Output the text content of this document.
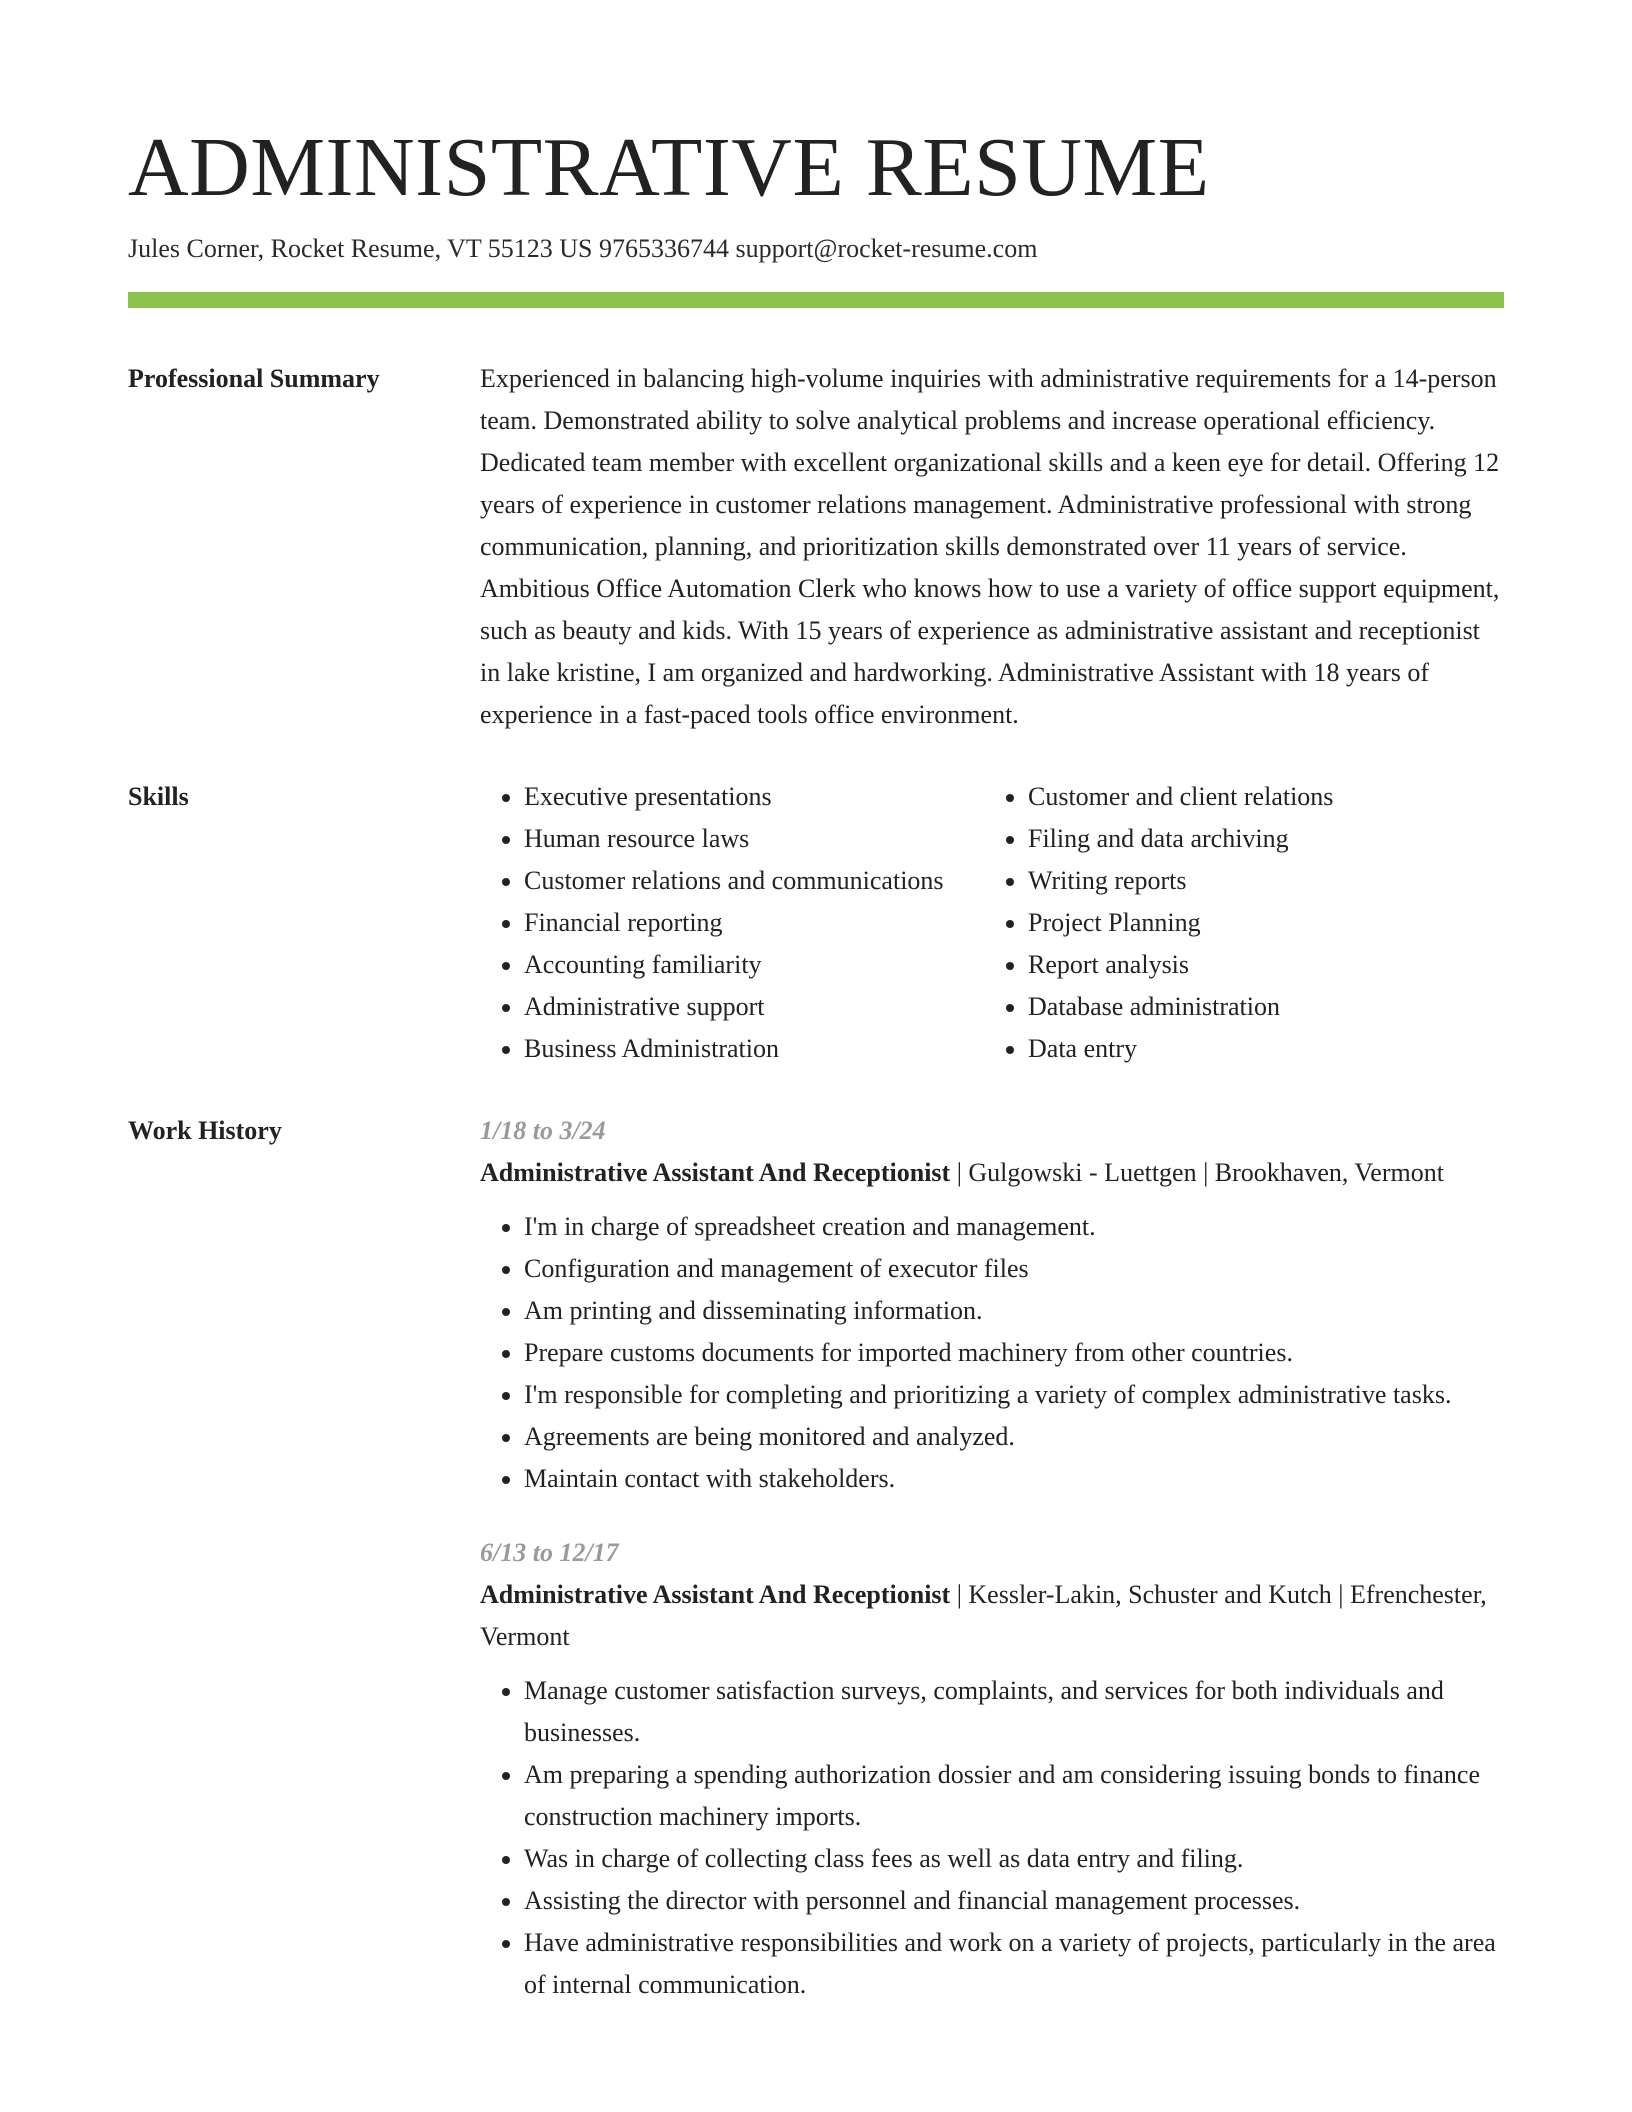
ADMINISTRATIVE RESUME
Jules Corner, Rocket Resume, VT 55123 US 9765336744 support@rocket-resume.com
Professional Summary	Experienced in balancing high-volume inquiries with administrative requirements for a 14-person team. Demonstrated ability to solve analytical problems and increase operational efficiency. Dedicated team member with excellent organizational skills and a keen eye for detail. Offering 12 years of experience in customer relations management. Administrative professional with strong communication, planning, and prioritization skills demonstrated over 11 years of service. Ambitious Office Automation Clerk who knows how to use a variety of office support equipment, such as beauty and kids. With 15 years of experience as administrative assistant and receptionist in lake kristine, I am organized and hardworking. Administrative Assistant with 18 years of experience in a fast-paced tools office environment.

Skills
•	Executive presentations
• Human resource laws
• Customer relations and communications
• Financial reporting
• Accounting familiarity
• Administrative support
• Business Administration
• Customer and client relations
• Filing and data archiving
• Writing reports
• Project Planning
• Report analysis
• Database administration
• Data entry
Work History	1/18 to 3/24

Administrative Assistant And Receptionist | Gulgowski - Luettgen | Brookhaven, Vermont

• I'm in charge of spreadsheet creation and management.
• Configuration and management of executor files
• Am printing and disseminating information.
• Prepare customs documents for imported machinery from other countries.
• I'm responsible for completing and prioritizing a variety of complex administrative tasks.
• Agreements are being monitored and analyzed.
• Maintain contact with stakeholders.
6/13 to 12/17

Administrative Assistant And Receptionist | Kessler-Lakin, Schuster and Kutch | Efrenchester, Vermont

• Manage customer satisfaction surveys, complaints, and services for both individuals and businesses.
• Am preparing a spending authorization dossier and am considering issuing bonds to finance construction machinery imports.
• Was in charge of collecting class fees as well as data entry and filing.
• Assisting the director with personnel and financial management processes.
• Have administrative responsibilities and work on a variety of projects, particularly in the area of internal communication.
